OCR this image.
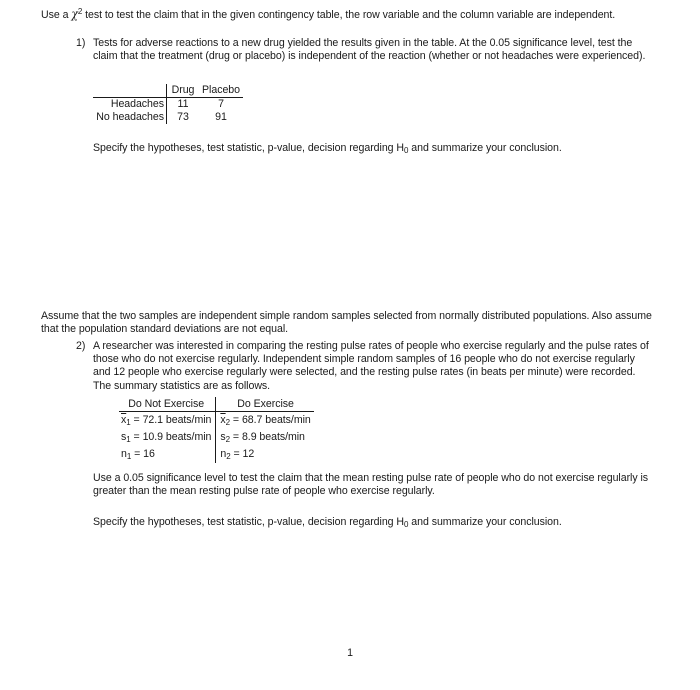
Use a $\chi^2$ test to test the claim that in the given contingency table, the row variable and the column variable are independent.
1) Tests for adverse reactions to a new drug yielded the results given in the table. At the 0.05 significance level, test the claim that the treatment (drug or placebo) is independent of the reaction (whether or not headaches were experienced).
	Drug	Placebo
Headaches	11	7
No headaches	73	91
Specify the hypotheses, test statistic, p-value, decision regarding H0 and summarize your conclusion.
Assume that the two samples are independent simple random samples selected from normally distributed populations. Also assume that the population standard deviations are not equal.
2) A researcher was interested in comparing the resting pulse rates of people who exercise regularly and the pulse rates of those who do not exercise regularly. Independent simple random samples of 16 people who do not exercise regularly and 12 people who exercise regularly were selected, and the resting pulse rates (in beats per minute) were recorded. The summary statistics are as follows.
Do Not Exercise	Do Exercise
$\overline{x}1 = 72.1$ beats/min	$\overline{x}2 = 68.7$ beats/min
s1 = 10.9 beats/min	s2 = 8.9 beats/min
n1 = 16	n2 = 12
Use a 0.05 significance level to test the claim that the mean resting pulse rate of people who do not exercise regularly is greater than the mean resting pulse rate of people who exercise regularly.
Specify the hypotheses, test statistic, p-value, decision regarding H0 and summarize your conclusion.
1
